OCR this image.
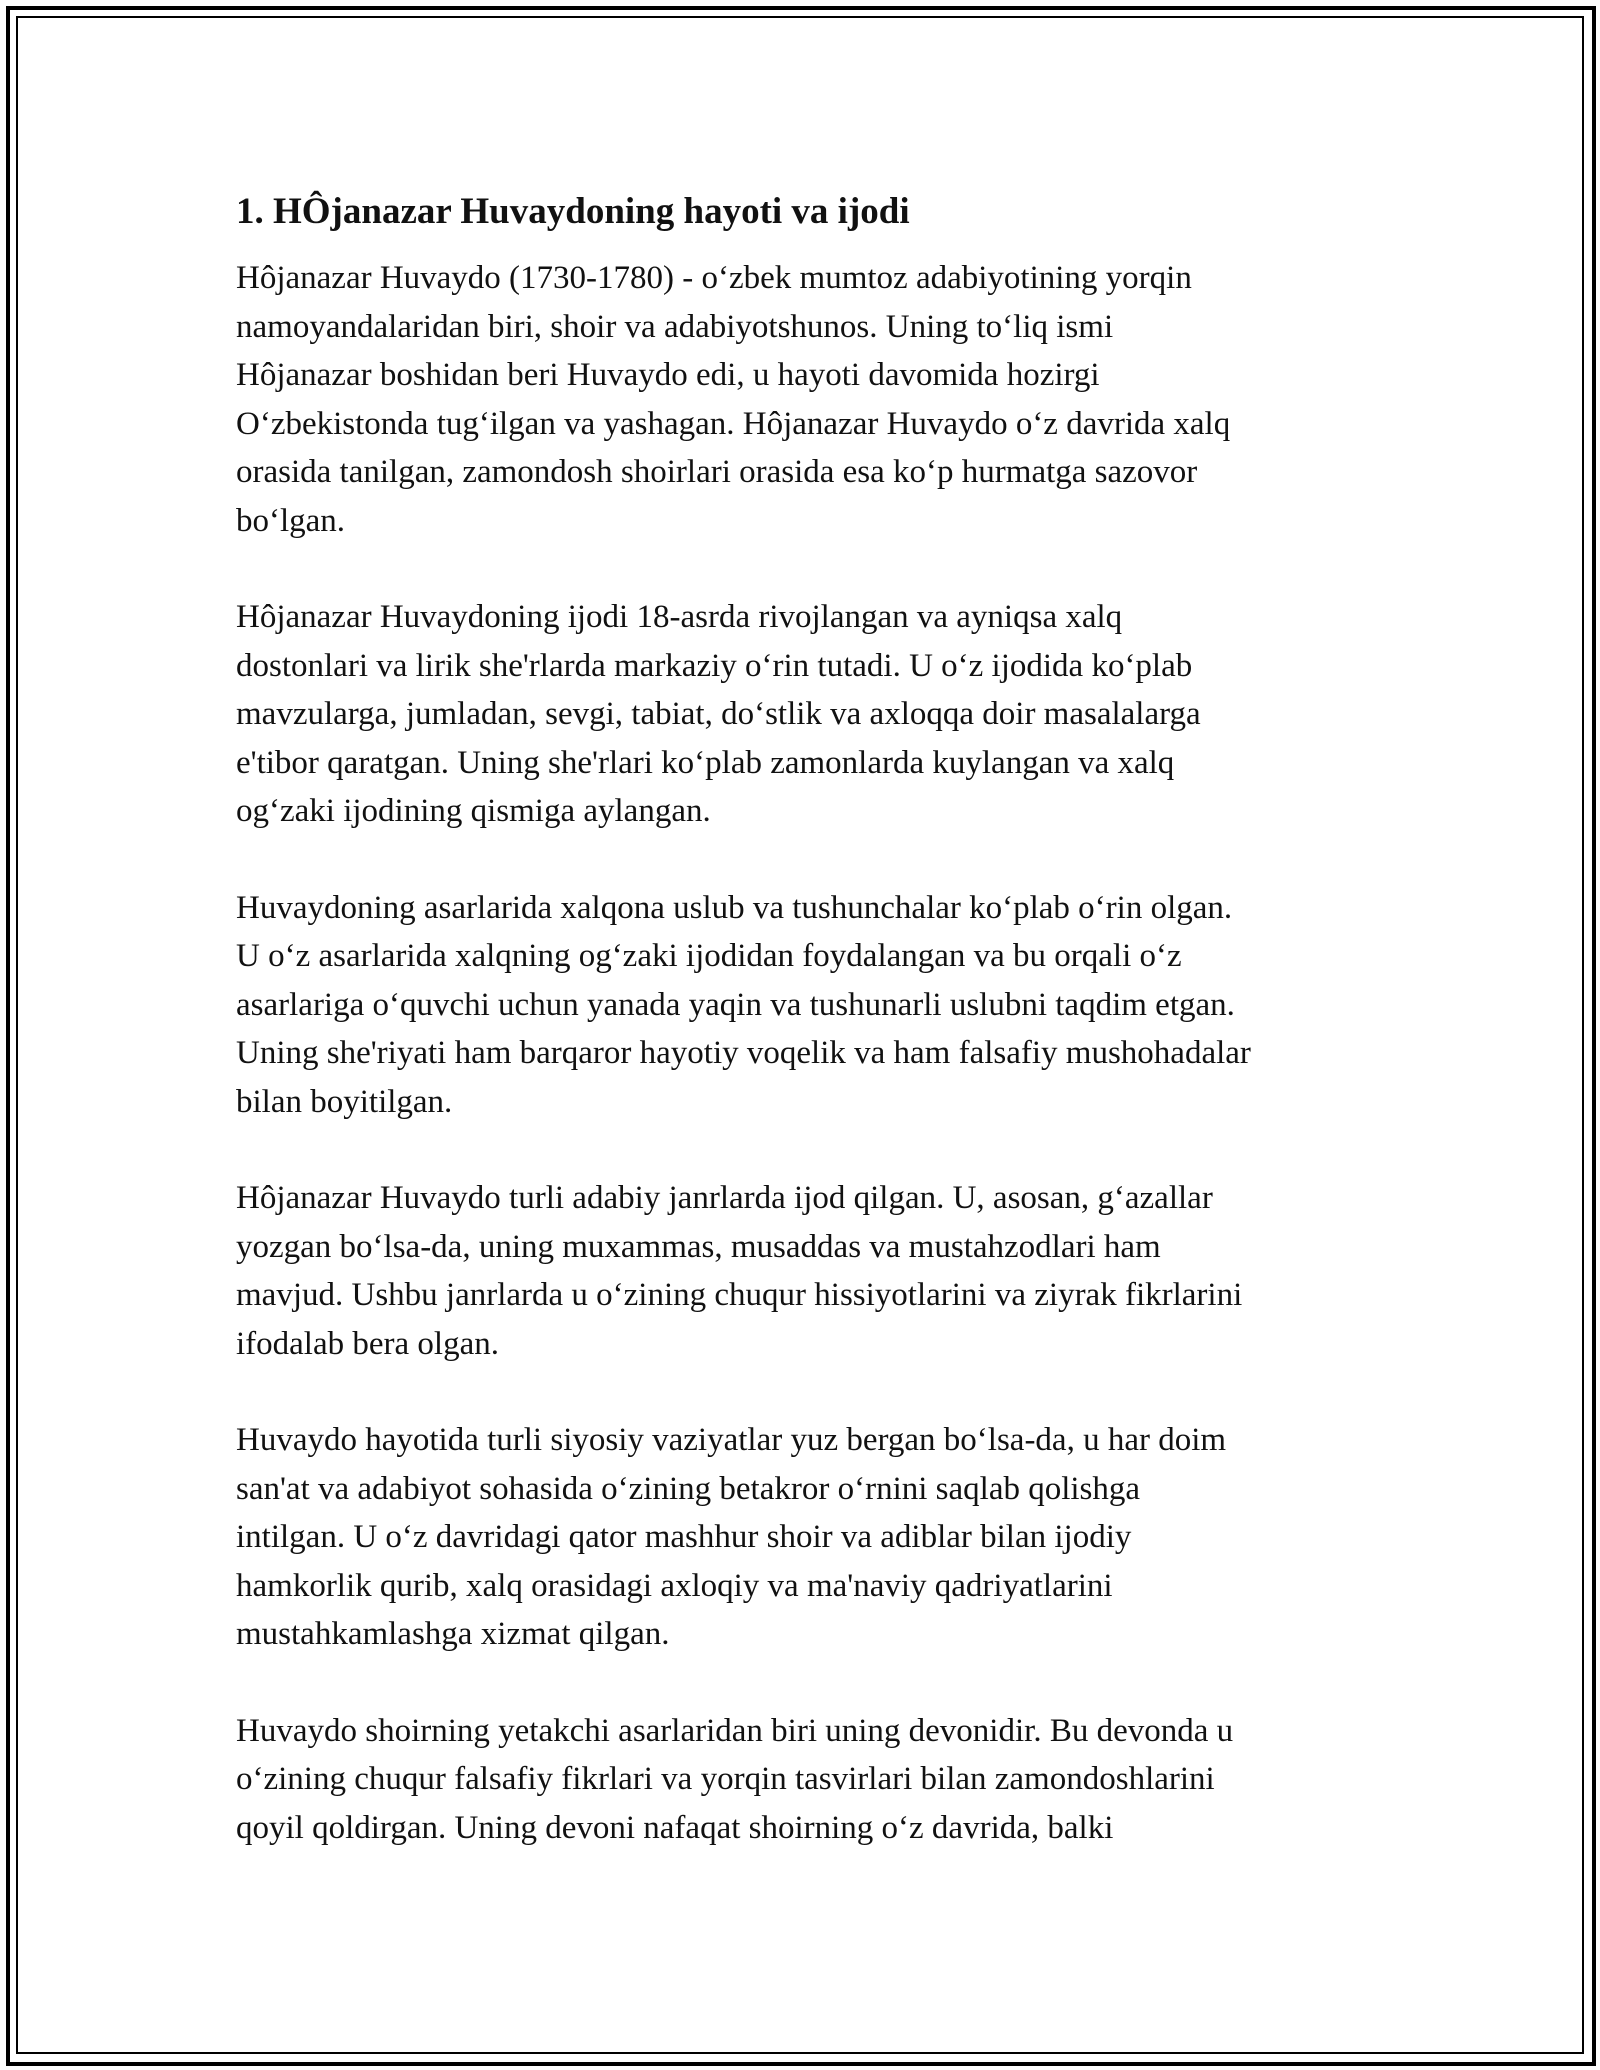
1. HÔjanazar Huvaydoning hayoti va ijodi

Hôjanazar Huvaydo (1730-1780) - oʻzbek mumtoz adabiyotining yorqin
namoyandalaridan biri, shoir va adabiyotshunos. Uning toʻliq ismi
Hôjanazar boshidan beri Huvaydo edi, u hayoti davomida hozirgi
Oʻzbekistonda tugʻilgan va yashagan. Hôjanazar Huvaydo oʻz davrida xalq
orasida tanilgan, zamondosh shoirlari orasida esa koʻp hurmatga sazovor
boʻlgan.

Hôjanazar Huvaydoning ijodi 18-asrda rivojlangan va ayniqsa xalq
dostonlari va lirik she'rlarda markaziy oʻrin tutadi. U oʻz ijodida koʻplab
mavzularga, jumladan, sevgi, tabiat, doʻstlik va axloqqa doir masalalarga
e'tibor qaratgan. Uning she'rlari koʻplab zamonlarda kuylangan va xalq
ogʻzaki ijodining qismiga aylangan.

Huvaydoning asarlarida xalqona uslub va tushunchalar koʻplab oʻrin olgan.
U oʻz asarlarida xalqning ogʻzaki ijodidan foydalangan va bu orqali oʻz
asarlariga oʻquvchi uchun yanada yaqin va tushunarli uslubni taqdim etgan.
Uning she'riyati ham barqaror hayotiy voqelik va ham falsafiy mushohadalar
bilan boyitilgan.

Hôjanazar Huvaydo turli adabiy janrlarda ijod qilgan. U, asosan, gʻazallar
yozgan boʻlsa-da, uning muxammas, musaddas va mustahzodlari ham
mavjud. Ushbu janrlarda u oʻzining chuqur hissiyotlarini va ziyrak fikrlarini
ifodalab bera olgan.

Huvaydo hayotida turli siyosiy vaziyatlar yuz bergan boʻlsa-da, u har doim
san'at va adabiyot sohasida oʻzining betakror oʻrnini saqlab qolishga
intilgan. U oʻz davridagi qator mashhur shoir va adiblar bilan ijodiy
hamkorlik qurib, xalq orasidagi axloqiy va ma'naviy qadriyatlarini
mustahkamlashga xizmat qilgan.

Huvaydo shoirning yetakchi asarlaridan biri uning devonidir. Bu devonda u
oʻzining chuqur falsafiy fikrlari va yorqin tasvirlari bilan zamondoshlarini
qoyil qoldirgan. Uning devoni nafaqat shoirning oʻz davrida, balki
